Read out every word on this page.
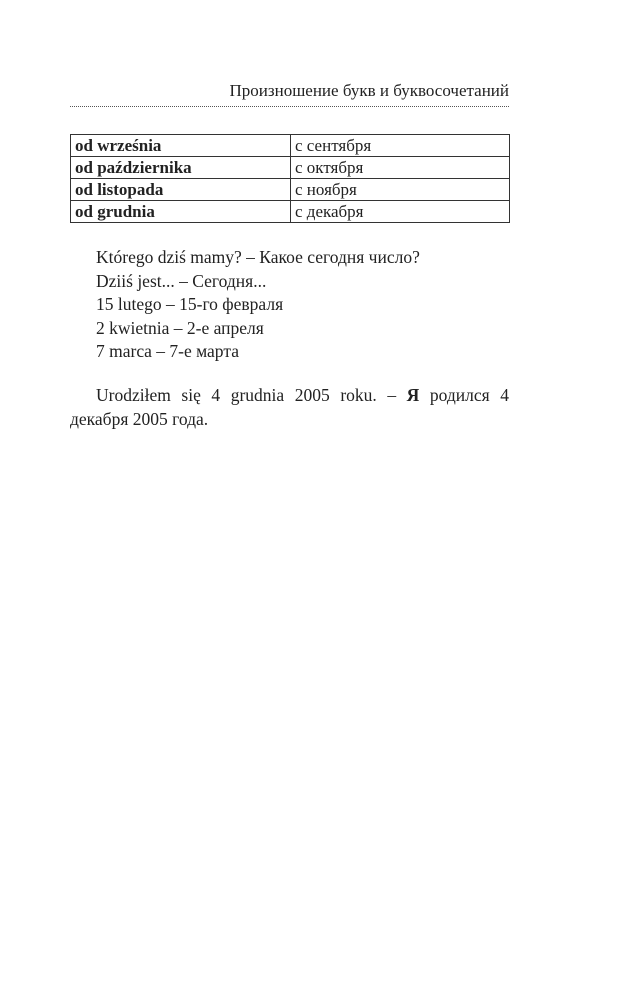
Произношение букв и буквосочетаний
od września	с сентября
od października	с октября
od listopada	с ноября
od grudnia	с декабря
Którego dziś mamy? – Какое сегодня число?
Dziiś jest... – Сегодня...
15 lutego – 15-го февраля
2 kwietnia – 2-е апреля
7 marca – 7-е марта
Urodziłem się 4 grudnia 2005 roku. – Я родился 4 декабря 2005 года.
